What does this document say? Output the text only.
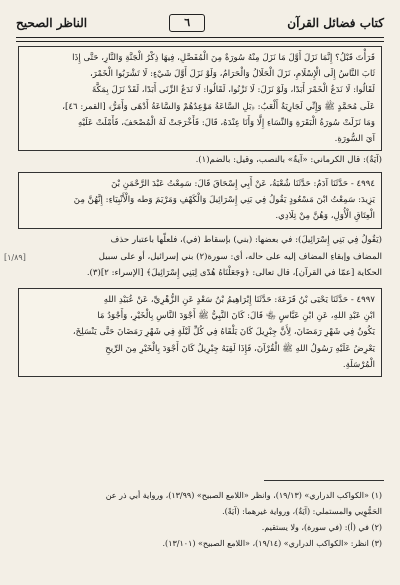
كتاب فضائل القرآن
٦
الناظر الصحيح

قَرَأْتَ قَبْلُ؟ إِنَّمَا نَزَلَ أَوَّلَ مَا نَزَلَ مِنْهُ سُورَةٌ مِنَ الْمُفَصَّلِ، فِيهَا ذِكْرُ الْجَنَّةِ وَالنَّارِ، حَتَّى إِذَا

ثَابَ النَّاسُ إِلَى الْإِسْلَامِ، نَزَلَ الْحَلَالُ وَالْحَرَامُ، وَلَوْ نَزَلَ أَوَّلَ شَيْءٍ: لَا تَشْرَبُوا الْخَمْرَ،

لَقَالُوا: لَا نَدَعُ الْخَمْرَ أَبَدًا، وَلَوْ نَزَلَ: لَا تَزْنُوا، لَقَالُوا: لَا نَدَعُ الزِّنَى أَبَدًا، لَقَدْ نَزَلَ بِمَكَّةَ

عَلَى مُحَمَّدٍ ﷺ وَإِنِّي لَجَارِيَةٌ أَلْعَبُ: ﴿بَلِ السَّاعَةُ مَوْعِدُهُمْ وَالسَّاعَةُ أَدْهَى وَأَمَرُّ﴾ [القمر: ٤٦]،

وَمَا نَزَلَتْ سُورَةُ الْبَقَرَةِ وَالنِّسَاءِ إِلَّا وَأَنَا عِنْدَهُ، قَالَ: فَأَخْرَجَتْ لَهُ الْمُصْحَفَ، فَأَمْلَتْ عَلَيْهِ

آيَ السُّورَةِ.

(آيَةٌ): قال الكرماني: «آيةٌ» بالنصب، وقيل: بالضم(١).

٤٩٩٤ - حَدَّثَنَا آدَمُ: حَدَّثَنَا شُعْبَةُ، عَنْ أَبِي إِسْحَاقَ قَالَ: سَمِعْتُ عَبْدَ الرَّحْمَنِ بْنَ

يَزِيدَ: سَمِعْتُ ابْنَ مَسْعُودٍ يَقُولُ فِي بَنِي إِسْرَائِيلَ وَالْكَهْفِ وَمَرْيَمَ وَطه وَالْأَنْبِيَاءِ: إِنَّهُنَّ مِنَ

الْعِتَاقِ الْأُوَلِ، وَهُنَّ مِنْ تِلَادِي.

[١/٨٩]

(يَقُولُ فِي بَنِي إِسْرَائِيلَ): في بعضها: (بني) بإسقاط (في)، فلعلّها باعتبار حذف

المضاف وإبقاءِ المضاف إليه على حاله، أي: سورة(٢) بني إسرائيل، أو على سبيل

الحكاية [عمّا في القرآن]، قال تعالى: ﴿وَجَعَلْنَاهُ هُدًى لِبَنِي إِسْرَائِيلَ﴾ [الإسراء: ٢](٣).

٤٩٩٧ - حَدَّثَنَا يَحْيَى بْنُ قَزَعَةَ: حَدَّثَنَا إِبْرَاهِيمُ بْنُ سَعْدٍ عَنِ الزُّهْرِيِّ، عَنْ عُبَيْدِ اللهِ

ابْنِ عَبْدِ اللهِ، عَنِ ابْنِ عَبَّاسٍ ﵄ قَالَ: كَانَ النَّبِيُّ ﷺ أَجْوَدَ النَّاسِ بِالْخَيْرِ، وَأَجْوَدُ مَا

يَكُونُ فِي شَهْرِ رَمَضَانَ، لِأَنَّ جِبْرِيلَ كَانَ يَلْقَاهُ فِي كُلِّ لَيْلَةٍ فِي شَهْرِ رَمَضَانَ حَتَّى يَنْسَلِخَ،

يَعْرِضُ عَلَيْهِ رَسُولُ اللهِ ﷺ الْقُرْآنَ، فَإِذَا لَقِيَهُ جِبْرِيلُ كَانَ أَجْوَدَ بِالْخَيْرِ مِنَ الرِّيحِ

الْمُرْسَلَةِ.

(١) «الكواكب الدراري» (١٩/١٣)، وانظر «اللامع الصبيح» (١٣/٩٩)، ورواية أبي ذر عن

الحَمُّوِيي والمستملي: (آيَةٌ)، ورواية غيرهما: (آيَةً).

(٢) في (أ): (في سورة)، ولا يستقيم.

(٣) انظر: «الكواكب الدراري» (١٩/١٤)، «اللامع الصبيح» (١٣/١٠١).
